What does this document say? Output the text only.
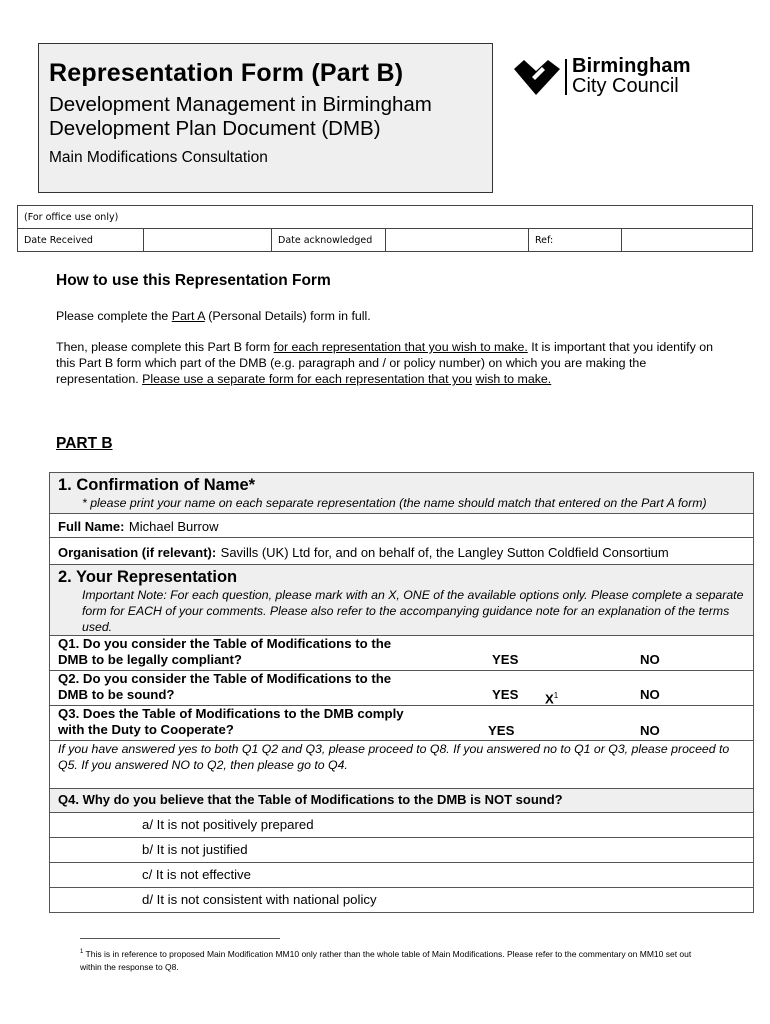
Representation Form (Part B)
Development Management in Birmingham
Development Plan Document (DMB)
Main Modifications Consultation
Birmingham
City Council
(For office use only)
Date Received		Date acknowledged		Ref:	
How to use this Representation Form
Please complete the Part A (Personal Details) form in full.
Then, please complete this Part B form for each representation that you wish to make. It is important that you identify on this Part B form which part of the DMB (e.g. paragraph and / or policy number) on which you are making the representation. Please use a separate form for each representation that you wish to make.
PART B
1. Confirmation of Name*
* please print your name on each separate representation (the name should match that entered on the Part A form)

Full Name: Michael Burrow
Organisation (if relevant): Savills (UK) Ltd for, and on behalf of, the Langley Sutton Coldfield Consortium

2. Your Representation
Important Note: For each question, please mark with an X, ONE of the available options only. Please complete a separate form for EACH of your comments. Please also refer to the accompanying guidance note for an explanation of the terms used.

Q1. Do you consider the Table of Modifications to the
DMB to be legally compliant?	YES	NO

Q2. Do you consider the Table of Modifications to the
DMB to be sound?	YES $X^1$	NO

Q3. Does the Table of Modifications to the DMB comply
with the Duty to Cooperate?	YES	NO

If you have answered yes to both Q1 Q2 and Q3, please proceed to Q8. If you answered no to Q1 or Q3, please proceed to Q5. If you answered NO to Q2, then please go to Q4.

Q4. Why do you believe that the Table of Modifications to the DMB is NOT sound?

a/ It is not positively prepared
b/ It is not justified
c/ It is not effective
d/ It is not consistent with national policy
$^1$ This is in reference to proposed Main Modification MM10 only rather than the whole table of Main Modifications. Please refer to the commentary on MM10 set out within the response to Q8.
